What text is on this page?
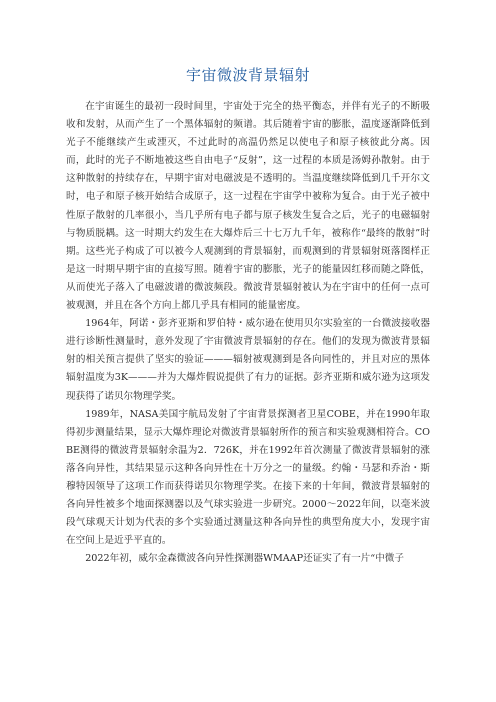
宇宙微波背景辐射

在宇宙诞生的最初一段时间里，宇宙处于完全的热平衡态，并伴有光子的不断吸收和发射，从而产生了一个黑体辐射的频谱。其后随着宇宙的膨胀，温度逐渐降低到光子不能继续产生或湮灭，不过此时的高温仍然足以使电子和原子核彼此分离。因而，此时的光子不断地被这些自由电子“反射”，这一过程的本质是汤姆孙散射。由于这种散射的持续存在，早期宇宙对电磁波是不透明的。当温度继续降低到几千开尔文时，电子和原子核开始结合成原子，这一过程在宇宙学中被称为复合。由于光子被中性原子散射的几率很小，当几乎所有电子都与原子核发生复合之后，光子的电磁辐射与物质脱耦。这一时期大约发生在大爆炸后三十七万九千年，被称作“最终的散射”时期。这些光子构成了可以被今人观测到的背景辐射，而观测到的背景辐射斑落图样正是这一时期早期宇宙的直接写照。随着宇宙的膨胀，光子的能量因红移而随之降低，从而使光子落入了电磁波谱的微波频段。微波背景辐射被认为在宇宙中的任何一点可被观测，并且在各个方向上都几乎具有相同的能量密度。

1964年，阿诺・彭齐亚斯和罗伯特・威尔逊在使用贝尔实验室的一台微波接收器进行诊断性测量时，意外发现了宇宙微波背景辐射的存在。他们的发现为微波背景辐射的相关预言提供了坚实的验证———辐射被观测到是各向同性的，并且对应的黑体辐射温度为3K———并为大爆炸假说提供了有力的证据。彭齐亚斯和威尔逊为这项发现获得了诺贝尔物理学奖。

1989年，NASA美国宇航局发射了宇宙背景探测者卫星COBE，并在1990年取得初步测量结果，显示大爆炸理论对微波背景辐射所作的预言和实验观测相符合。COBE测得的微波背景辐射余温为2．726K，并在1992年首次测量了微波背景辐射的涨落各向异性，其结果显示这种各向异性在十万分之一的量级。约翰・马瑟和乔治・斯穆特因领导了这项工作而获得诺贝尔物理学奖。在接下来的十年间，微波背景辐射的各向异性被多个地面探测器以及气球实验进一步研究。2000～2022年间，以毫米波段气球观天计划为代表的多个实验通过测量这种各向异性的典型角度大小，发现宇宙在空间上是近乎平直的。

2022年初，威尔金森微波各向异性探测器WMAAP还证实了有一片“中微子
